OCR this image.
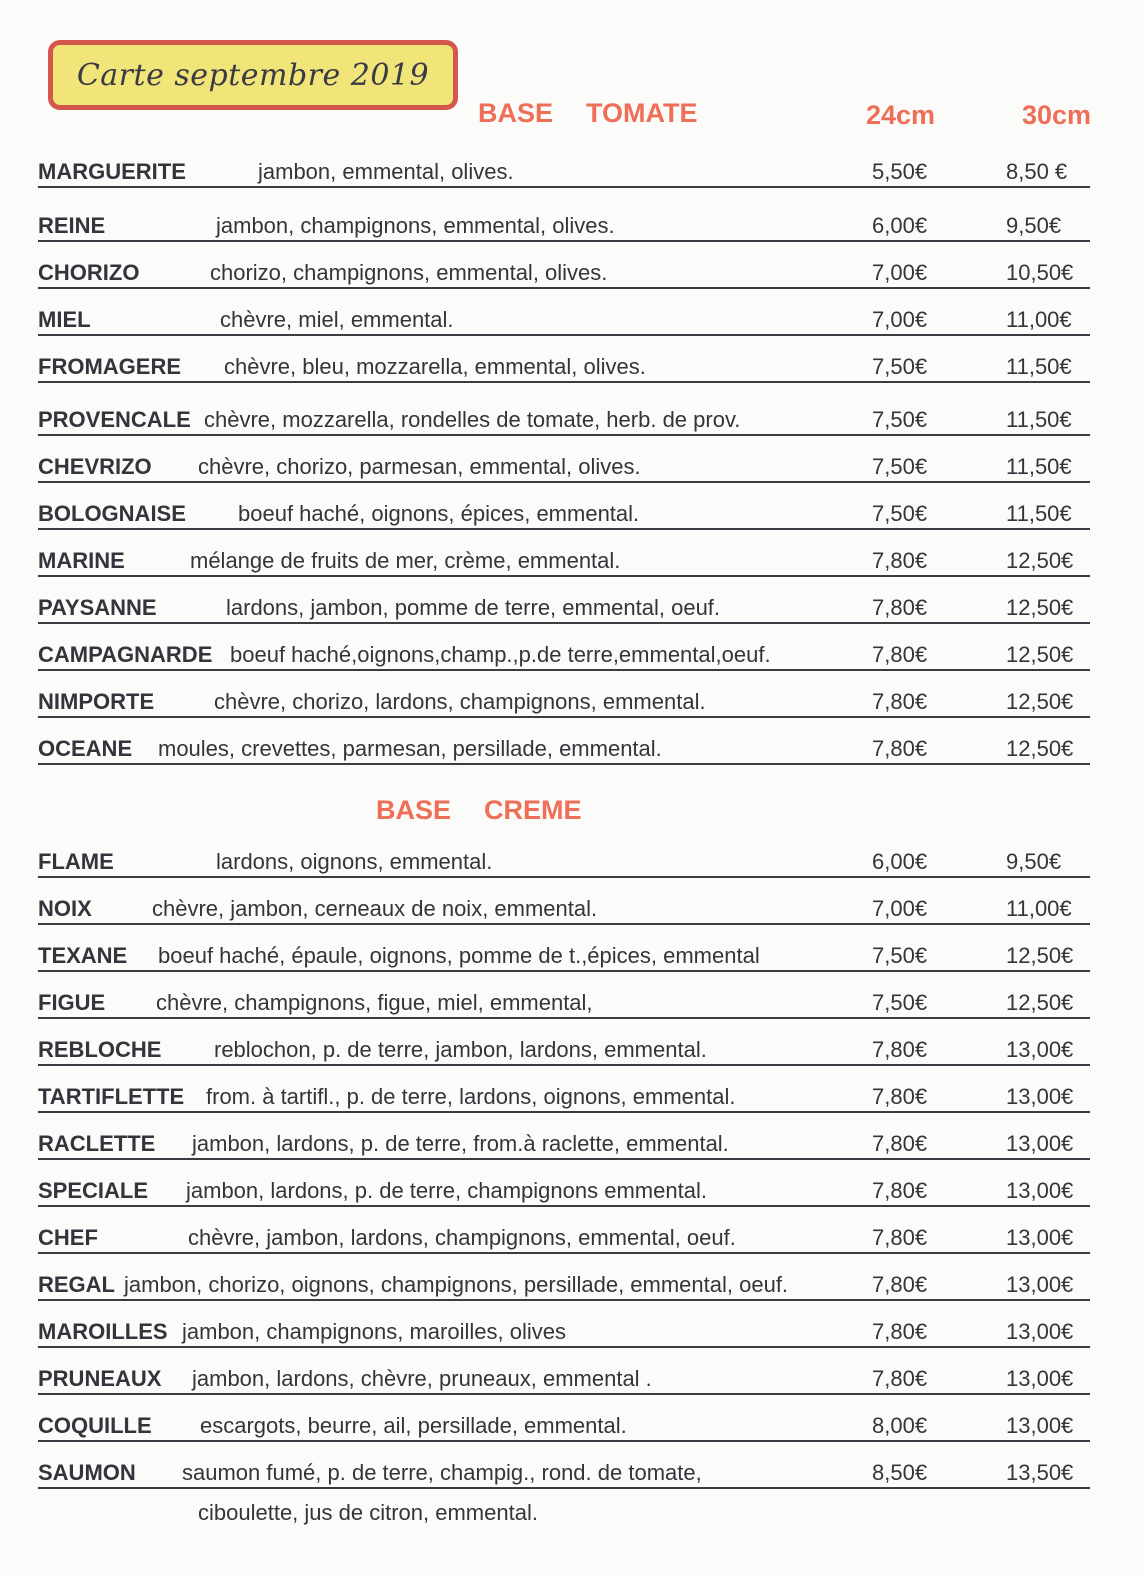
Carte septembre 2019
BASE TOMATE	24cm	30cm
MARGUERITE	jambon, emmental, olives.	5,50€	8,50 €
REINE	jambon, champignons, emmental, olives.	6,00€	9,50€
CHORIZO	chorizo, champignons, emmental, olives.	7,00€	10,50€
MIEL	chèvre, miel, emmental.	7,00€	11,00€
FROMAGERE chèvre, bleu, mozzarella, emmental, olives.	7,50€	11,50€
PROVENCALE chèvre, mozzarella, rondelles de tomate, herb. de prov.	7,50€	11,50€
CHEVRIZO chèvre, chorizo, parmesan, emmental, olives.	7,50€	11,50€
BOLOGNAISE boeuf haché, oignons, épices, emmental.	7,50€	11,50€
MARINE	mélange de fruits de mer, crème, emmental.	7,80€	12,50€
PAYSANNE	lardons, jambon, pomme de terre, emmental, oeuf.	7,80€	12,50€
CAMPAGNARDE boeuf haché,oignons,champ.,p.de terre,emmental,oeuf.	7,80€	12,50€
NIMPORTE	chèvre, chorizo, lardons, champignons, emmental.	7,80€	12,50€
OCEANE moules, crevettes, parmesan, persillade, emmental.	7,80€	12,50€
BASE CREME
FLAME	lardons, oignons, emmental.	6,00€	9,50€
NOIX	chèvre, jambon, cerneaux de noix, emmental.	7,00€	11,00€
TEXANE boeuf haché, épaule, oignons, pomme de t.,épices, emmental	7,50€	12,50€
FIGUE chèvre, champignons, figue, miel, emmental,	7,50€	12,50€
REBLOCHE reblochon, p. de terre, jambon, lardons, emmental.	7,80€	13,00€
TARTIFLETTE from. à tartifl., p. de terre, lardons, oignons, emmental.	7,80€	13,00€
RACLETTE jambon, lardons, p. de terre, from.à raclette, emmental.	7,80€	13,00€
SPECIALE jambon, lardons, p. de terre, champignons emmental.	7,80€	13,00€
CHEF	chèvre, jambon, lardons, champignons, emmental, oeuf.	7,80€	13,00€
REGAL jambon, chorizo, oignons, champignons, persillade, emmental, oeuf.	7,80€	13,00€
MAROILLES jambon, champignons, maroilles, olives	7,80€	13,00€
PRUNEAUX jambon, lardons, chèvre, pruneaux, emmental .	7,80€	13,00€
COQUILLE escargots, beurre, ail, persillade, emmental.	8,00€	13,00€
SAUMON saumon fumé, p. de terre, champig., rond. de tomate,	8,50€	13,50€
ciboulette, jus de citron, emmental.
